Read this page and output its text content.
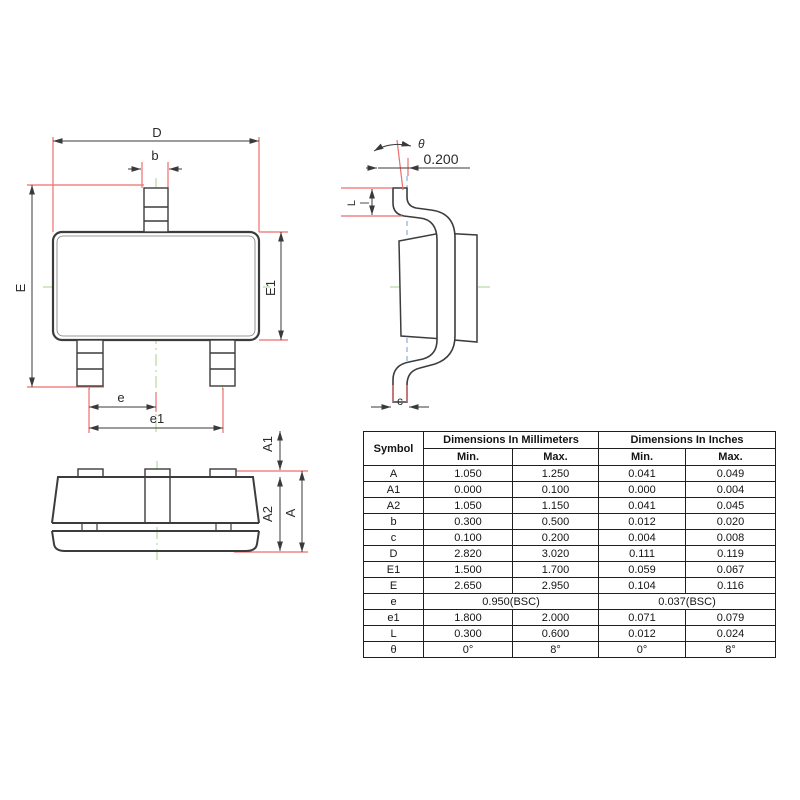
D
b
E	E1
e
e1
θ
0.200
L
c
A1
A2 A
Symbol	Dimensions In Millimeters		Dimensions In Inches	
	Min.	Max.	Min.	Max.
A	1.050	1.250	0.041	0.049
A1	0.000	0.100	0.000	0.004
A2	1.050	1.150	0.041	0.045
b	0.300	0.500	0.012	0.020
c	0.100	0.200	0.004	0.008
D	2.820	3.020	0.111	0.119
E1	1.500	1.700	0.059	0.067
E	2.650	2.950	0.104	0.116
e	0.950(BSC)		0.037(BSC)	
e1	1.800	2.000	0.071	0.079
L	0.300	0.600	0.012	0.024
θ	0°	8°	0°	8°
